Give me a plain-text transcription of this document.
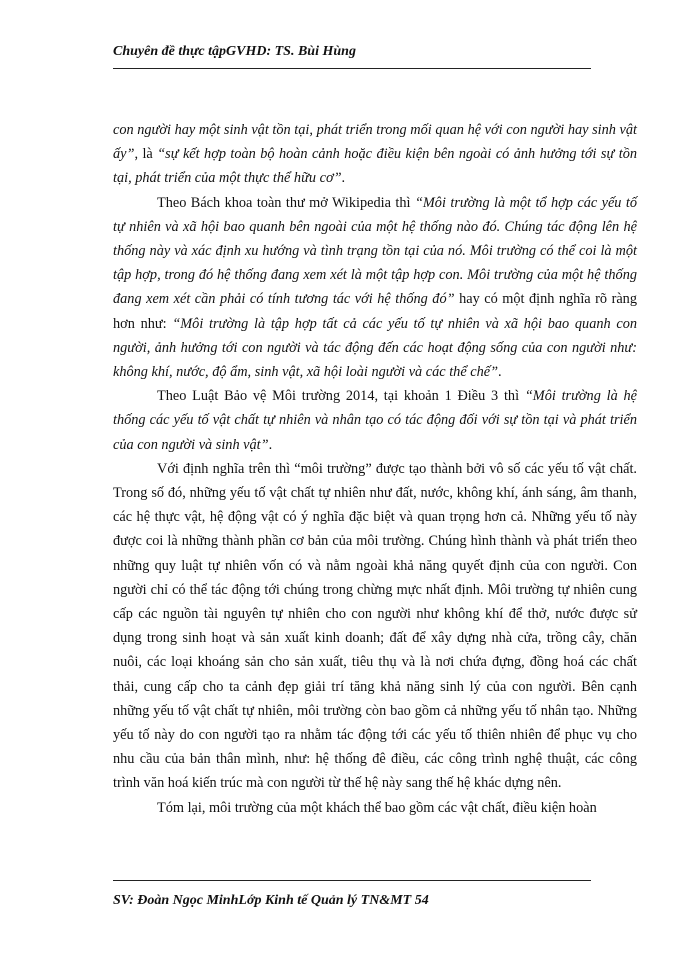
Chuyên đề thực tậpGVHD: TS. Bùi Hùng

con người hay một sinh vật tồn tại, phát triển trong mối quan hệ với con người hay sinh vật ấy”, là “sự kết hợp toàn bộ hoàn cảnh hoặc điều kiện bên ngoài có ảnh hưởng tới sự tồn tại, phát triển của một thực thể hữu cơ”.

Theo Bách khoa toàn thư mở Wikipedia thì “Môi trường là một tổ hợp các yếu tố tự nhiên và xã hội bao quanh bên ngoài của một hệ thống nào đó. Chúng tác động lên hệ thống này và xác định xu hướng và tình trạng tồn tại của nó. Môi trường có thể coi là một tập hợp, trong đó hệ thống đang xem xét là một tập hợp con. Môi trường của một hệ thống đang xem xét cần phải có tính tương tác với hệ thống đó” hay có một định nghĩa rõ ràng hơn như: “Môi trường là tập hợp tất cả các yếu tố tự nhiên và xã hội bao quanh con người, ảnh hưởng tới con người và tác động đến các hoạt động sống của con người như: không khí, nước, độ ẩm, sinh vật, xã hội loài người và các thể chế”.

Theo Luật Bảo vệ Môi trường 2014, tại khoản 1 Điều 3 thì “Môi trường là hệ thống các yếu tố vật chất tự nhiên và nhân tạo có tác động đối với sự tồn tại và phát triển của con người và sinh vật”.

Với định nghĩa trên thì “môi trường” được tạo thành bởi vô số các yếu tố vật chất. Trong số đó, những yếu tố vật chất tự nhiên như đất, nước, không khí, ánh sáng, âm thanh, các hệ thực vật, hệ động vật có ý nghĩa đặc biệt và quan trọng hơn cả. Những yếu tố này được coi là những thành phần cơ bản của môi trường. Chúng hình thành và phát triển theo những quy luật tự nhiên vốn có và nằm ngoài khả năng quyết định của con người. Con người chỉ có thể tác động tới chúng trong chừng mực nhất định. Môi trường tự nhiên cung cấp các nguồn tài nguyên tự nhiên cho con người như không khí để thở, nước được sử dụng trong sinh hoạt và sản xuất kinh doanh; đất để xây dựng nhà cửa, trồng cây, chăn nuôi, các loại khoáng sản cho sản xuất, tiêu thụ và là nơi chứa đựng, đồng hoá các chất thải, cung cấp cho ta cảnh đẹp giải trí tăng khả năng sinh lý của con người. Bên cạnh những yếu tố vật chất tự nhiên, môi trường còn bao gồm cả những yếu tố nhân tạo. Những yếu tố này do con người tạo ra nhằm tác động tới các yếu tố thiên nhiên để phục vụ cho nhu cầu của bản thân mình, như: hệ thống đê điều, các công trình nghệ thuật, các công trình văn hoá kiến trúc mà con người từ thế hệ này sang thế hệ khác dựng nên.

Tóm lại, môi trường của một khách thể bao gồm các vật chất, điều kiện hoàn

SV: Đoàn Ngọc MinhLớp Kinh tế Quản lý TN&MT 54
